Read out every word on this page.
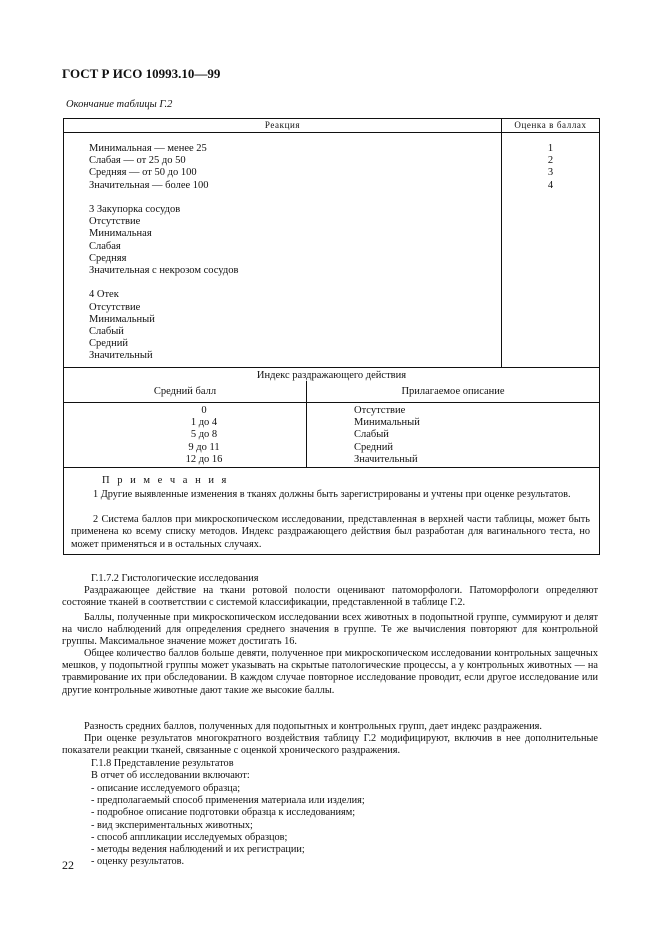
ГОСТ Р ИСО 10993.10—99
Окончание таблицы Г.2
Реакция	Оценка в баллах
Минимальная — менее 25
Слабая — от 25 до 50
Средняя — от 50 до 100
Значительная — более 100
3 Закупорка сосудов
Отсутствие
Минимальная
Слабая
Средняя
Значительная с некрозом сосудов
4 Отек
Отсутствие
Минимальный
Слабый
Средний
Значительный
1
2
3
4
Индекс раздражающего действия
Средний балл	Прилагаемое описание
0
1 до 4
5 до 8
9 до 11
12 до 16
Отсутствие
Минимальный
Слабый
Средний
Значительный
П р и м е ч а н и я
1 Другие выявленные изменения в тканях должны быть зарегистрированы и учтены при оценке результатов.
2 Система баллов при микроскопическом исследовании, представленная в верхней части таблицы, может быть применена ко всему списку методов. Индекс раздражающего действия был разработан для вагинального теста, но может применяться и в остальных случаях.
Г.1.7.2 Гистологические исследования
Раздражающее действие на ткани ротовой полости оценивают патоморфологи. Патоморфологи определяют состояние тканей в соответствии с системой классификации, представленной в таблице Г.2.
Баллы, полученные при микроскопическом исследовании всех животных в подопытной группе, суммируют и делят на число наблюдений для определения среднего значения в группе. Те же вычисления повторяют для контрольной группы. Максимальное значение может достигать 16.
Общее количество баллов больше девяти, полученное при микроскопическом исследовании контрольных защечных мешков, у подопытной группы может указывать на скрытые патологические процессы, а у контрольных животных — на травмирование их при обследовании. В каждом случае повторное исследование проводит, если другое исследование или другие контрольные животные дают такие же высокие баллы.
Разность средних баллов, полученных для подопытных и контрольных групп, дает индекс раздражения.
При оценке результатов многократного воздействия таблицу Г.2 модифицируют, включив в нее дополнительные показатели реакции тканей, связанные с оценкой хронического раздражения.
Г.1.8 Представление результатов
В отчет об исследовании включают:
- описание исследуемого образца;
- предполагаемый способ применения материала или изделия;
- подробное описание подготовки образца к исследованиям;
- вид экспериментальных животных;
- способ аппликации исследуемых образцов;
- методы ведения наблюдений и их регистрации;
- оценку результатов.
22
